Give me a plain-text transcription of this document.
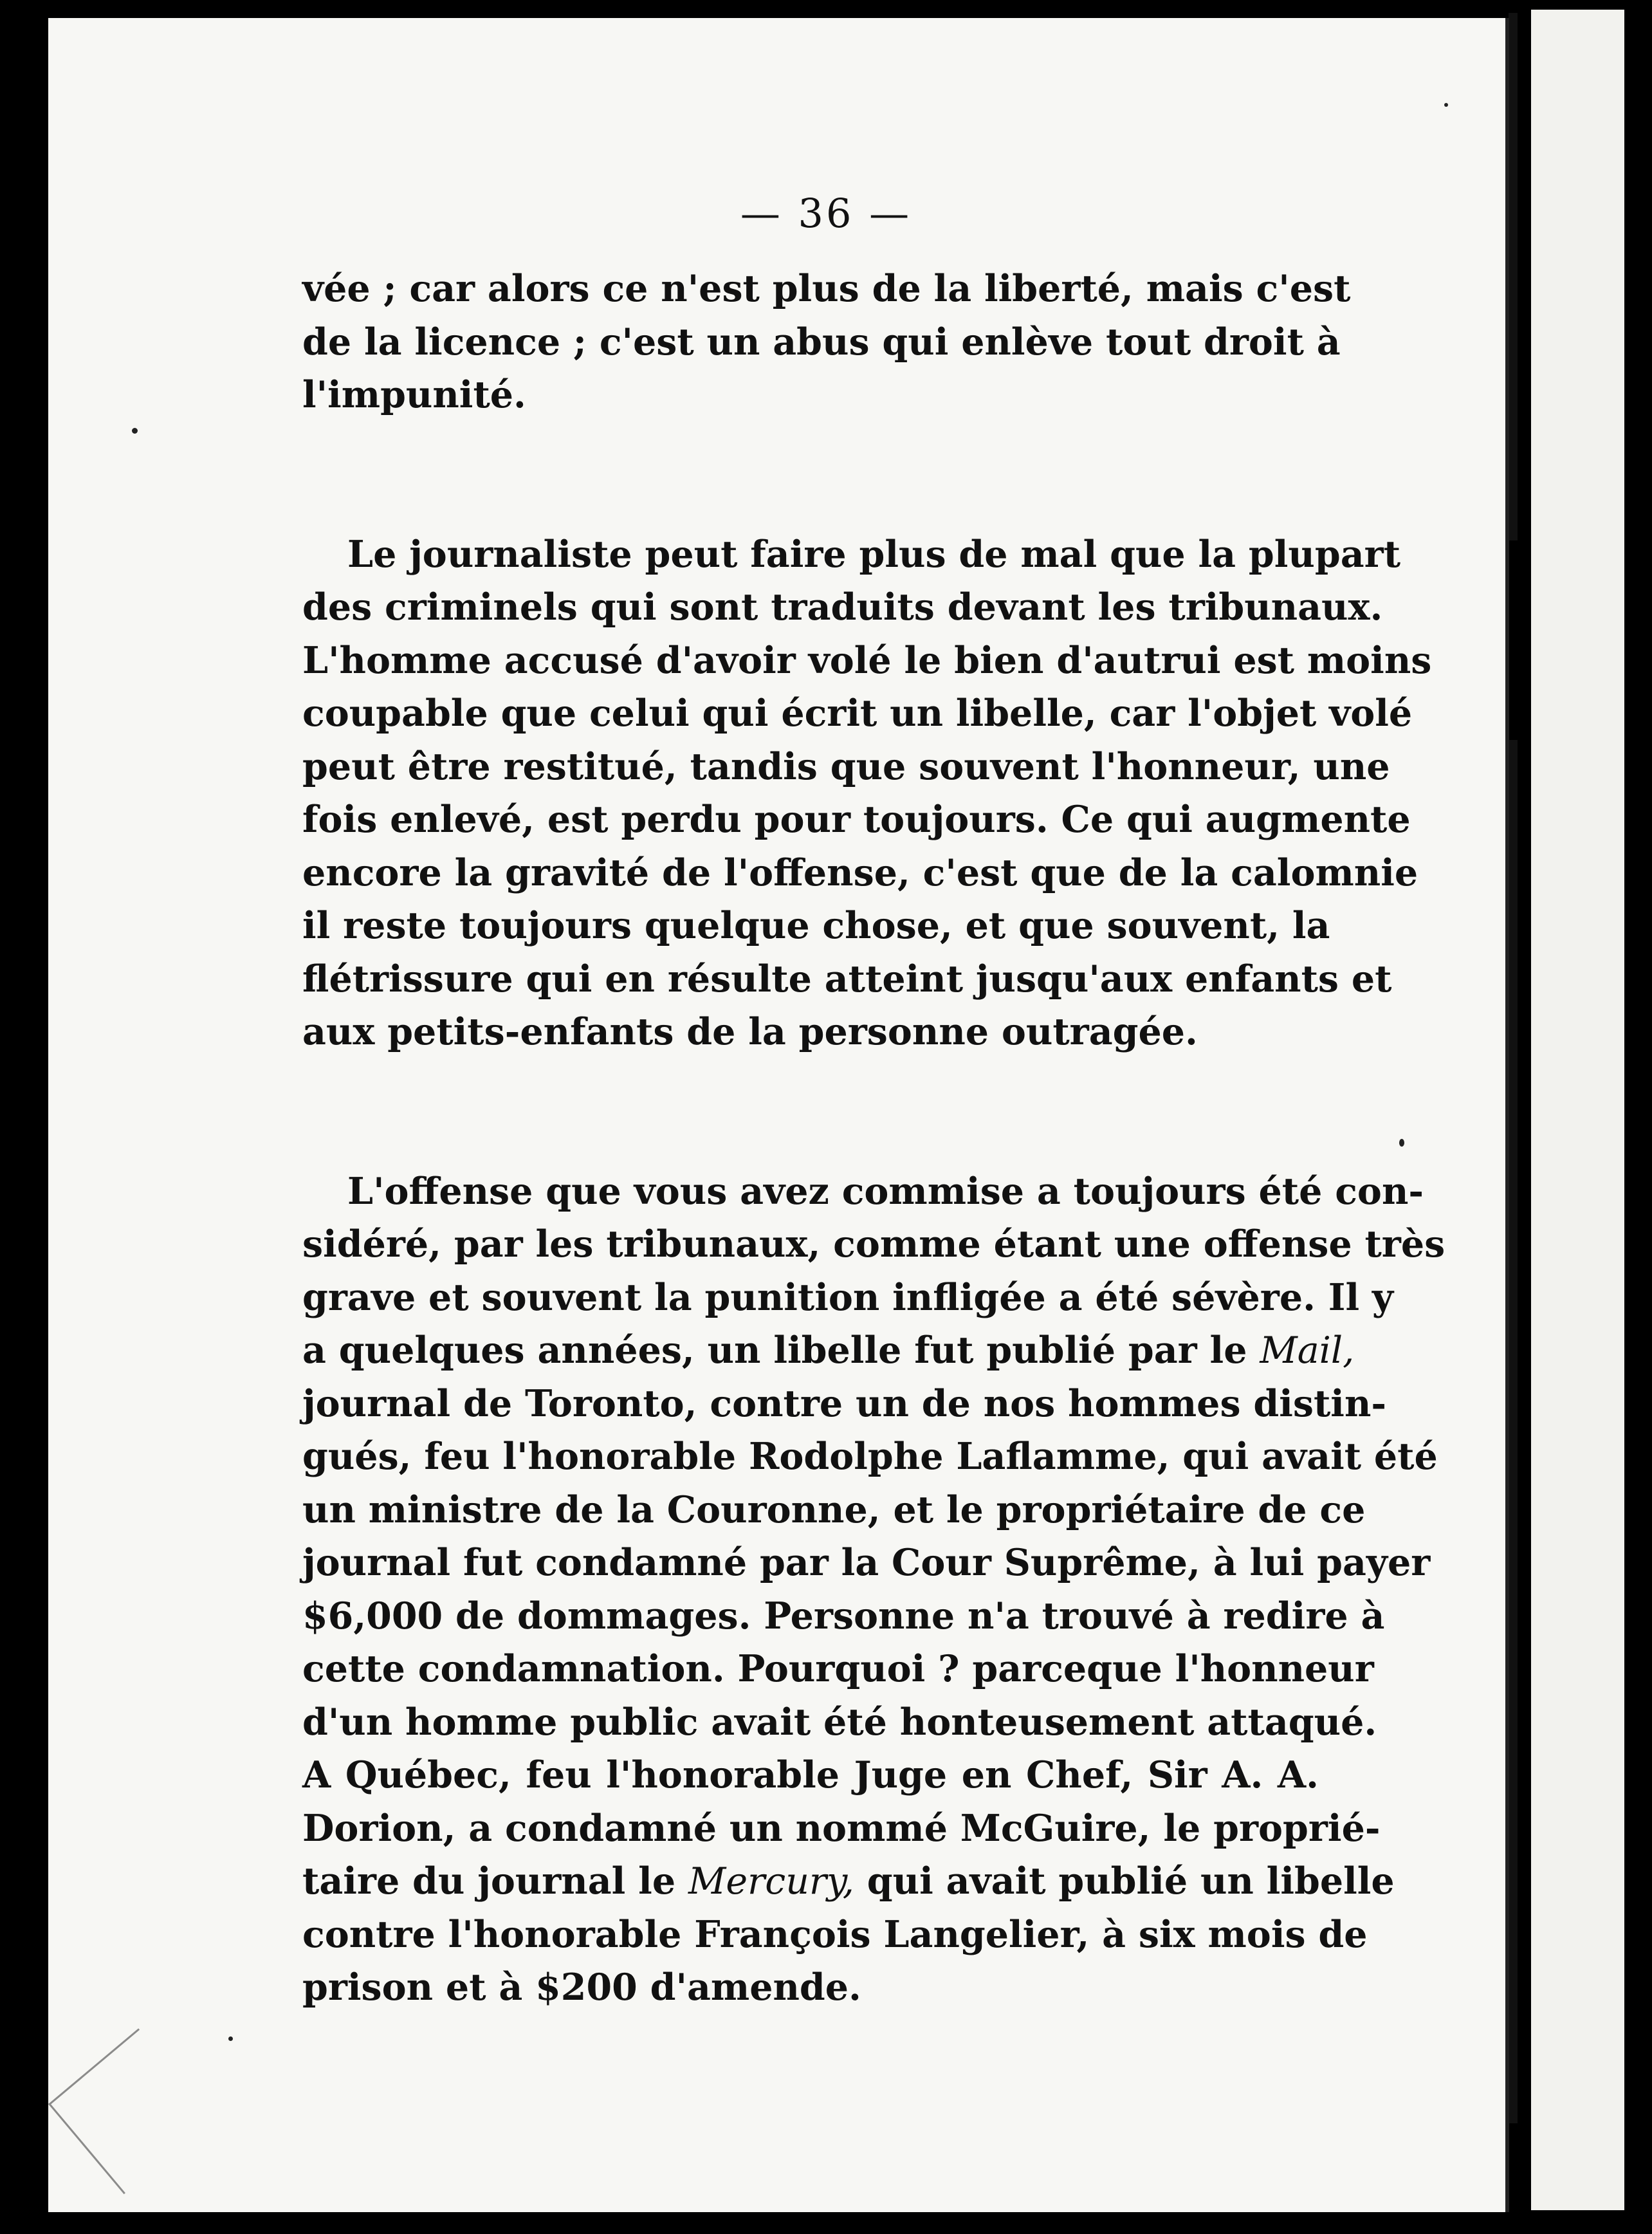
— 36 —

vée ; car alors ce n'est plus de la liberté, mais c'est
de la licence ; c'est un abus qui enlève tout droit à
l'impunité.

Le journaliste peut faire plus de mal que la plupart
des criminels qui sont traduits devant les tribunaux.
L'homme accusé d'avoir volé le bien d'autrui est moins
coupable que celui qui écrit un libelle, car l'objet volé
peut être restitué, tandis que souvent l'honneur, une
fois enlevé, est perdu pour toujours. Ce qui augmente
encore la gravité de l'offense, c'est que de la calomnie
il reste toujours quelque chose, et que souvent, la
flétrissure qui en résulte atteint jusqu'aux enfants et
aux petits-enfants de la personne outragée.

L'offense que vous avez commise a toujours été con-
sidéré, par les tribunaux, comme étant une offense très
grave et souvent la punition infligée a été sévère. Il y
a quelques années, un libelle fut publié par le Mail,
journal de Toronto, contre un de nos hommes distin-
gués, feu l'honorable Rodolphe Laflamme, qui avait été
un ministre de la Couronne, et le propriétaire de ce
journal fut condamné par la Cour Suprême, à lui payer
$6,000 de dommages. Personne n'a trouvé à redire à
cette condamnation. Pourquoi ? parceque l'honneur
d'un homme public avait été honteusement attaqué.
A Québec, feu l'honorable Juge en Chef, Sir A. A.
Dorion, a condamné un nommé McGuire, le proprié-
taire du journal le Mercury, qui avait publié un libelle
contre l'honorable François Langelier, à six mois de
prison et à $200 d'amende.
